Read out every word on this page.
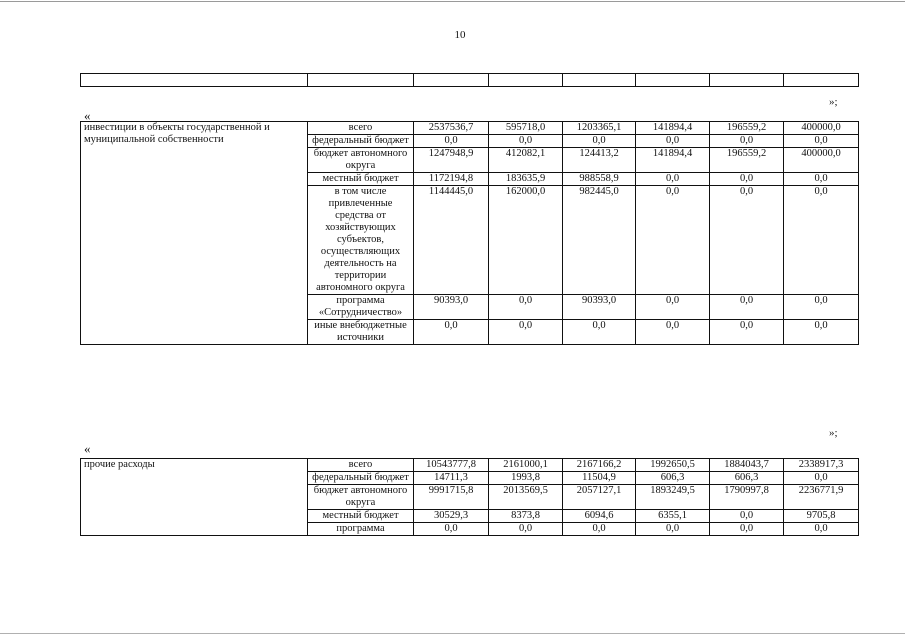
10

»;
«
инвестиции в объекты государственной и муниципальной собственности	всего	2537536,7	595718,0	1203365,1	141894,4	196559,2	400000,0
	федеральный бюджет	0,0	0,0	0,0	0,0	0,0	0,0
	бюджет автономного округа	1247948,9	412082,1	124413,2	141894,4	196559,2	400000,0
	местный бюджет	1172194,8	183635,9	988558,9	0,0	0,0	0,0
	в том числе привлеченные средства от хозяйствующих субъектов, осуществляющих деятельность на территории автономного округа	1144445,0	162000,0	982445,0	0,0	0,0	0,0
	программа «Сотрудничество»	90393,0	0,0	90393,0	0,0	0,0	0,0
	иные внебюджетные источники	0,0	0,0	0,0	0,0	0,0	0,0
»;
«
прочие расходы	всего	10543777,8	2161000,1	2167166,2	1992650,5	1884043,7	2338917,3
	федеральный бюджет	14711,3	1993,8	11504,9	606,3	606,3	0,0
	бюджет автономного округа	9991715,8	2013569,5	2057127,1	1893249,5	1790997,8	2236771,9
	местный бюджет	30529,3	8373,8	6094,6	6355,1	0,0	9705,8
	программа	0,0	0,0	0,0	0,0	0,0	0,0
